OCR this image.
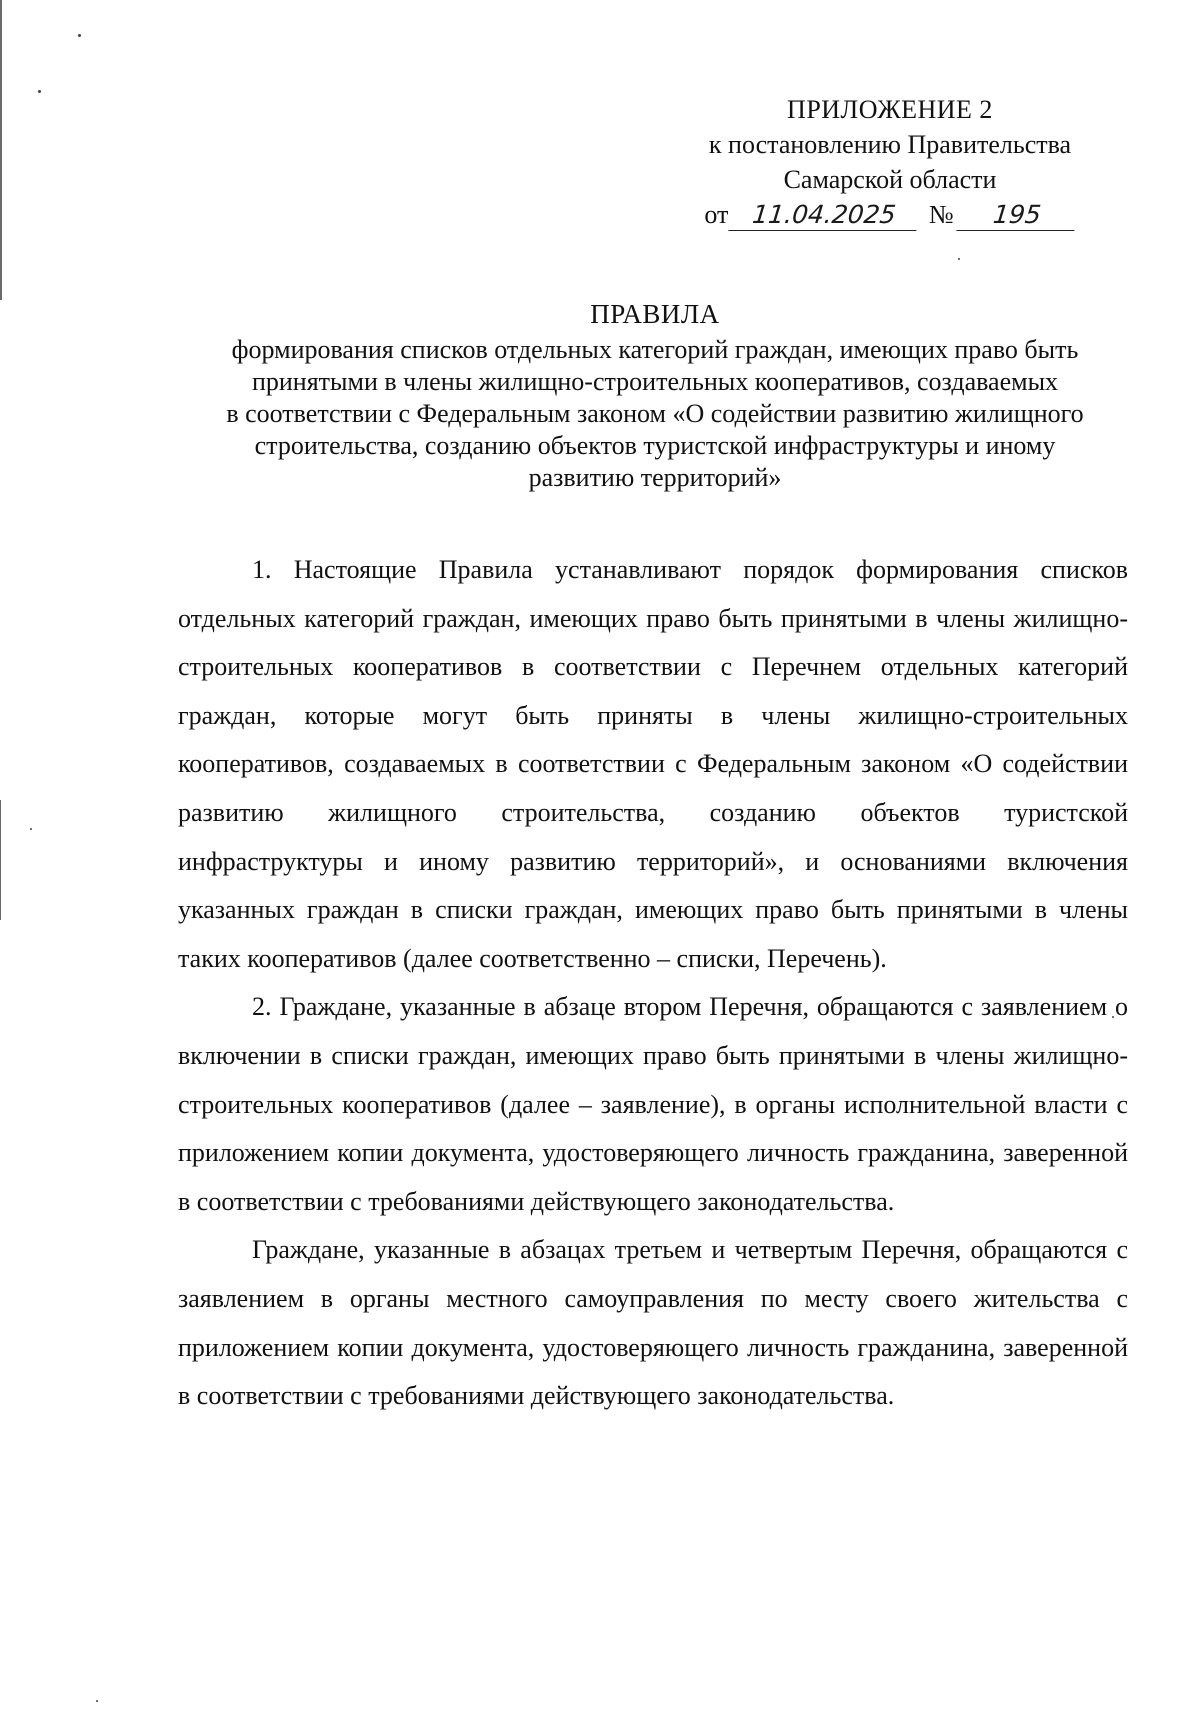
ПРИЛОЖЕНИЕ 2
к постановлению Правительства
Самарской области
от 11.04.2025 № 195
ПРАВИЛА
формирования списков отдельных категорий граждан, имеющих право быть
принятыми в члены жилищно-строительных кооперативов, создаваемых
в соответствии с Федеральным законом «О содействии развитию жилищного
строительства, созданию объектов туристской инфраструктуры и иному
развитию территорий»

1. Настоящие Правила устанавливают порядок формирования списков отдельных категорий граждан, имеющих право быть принятыми в члены жилищно-строительных кооперативов в соответствии с Перечнем отдельных категорий граждан, которые могут быть приняты в члены жилищно-строительных кооперативов, создаваемых в соответствии с Федеральным законом «О содействии развитию жилищного строительства, созданию объектов туристской инфраструктуры и иному развитию территорий», и основаниями включения указанных граждан в списки граждан, имеющих право быть принятыми в члены таких кооперативов (далее соответственно – списки, Перечень).

2. Граждане, указанные в абзаце втором Перечня, обращаются с заявлением о включении в списки граждан, имеющих право быть принятыми в члены жилищно-строительных кооперативов (далее – заявление), в органы исполнительной власти с приложением копии документа, удостоверяющего личность гражданина, заверенной в соответствии с требованиями действующего законодательства.

Граждане, указанные в абзацах третьем и четвертым Перечня, обращаются с заявлением в органы местного самоуправления по месту своего жительства с приложением копии документа, удостоверяющего личность гражданина, заверенной в соответствии с требованиями действующего законодательства.
